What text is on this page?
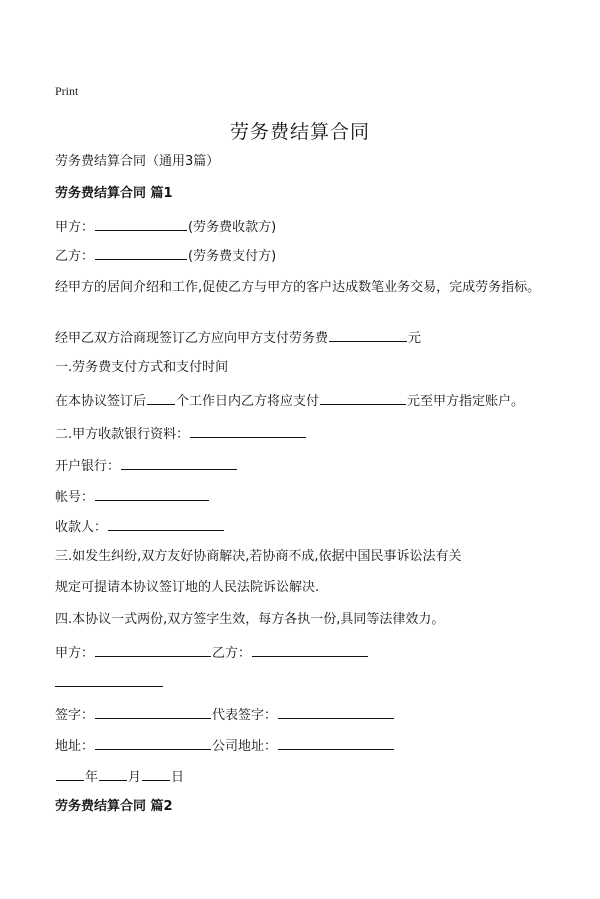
Print
劳务费结算合同
劳务费结算合同（通用3篇）
劳务费结算合同 篇1
甲方：	(劳务费收款方)
乙方：	(劳务费支付方)
经甲方的居间介绍和工作,促使乙方与甲方的客户达成数笔业务交易，完成劳务指标。
经甲乙双方洽商现签订乙方应向甲方支付劳务费	元
一.劳务费支付方式和支付时间
在本协议签订后 个工作日内乙方将应支付	元至甲方指定账户。
二.甲方收款银行资料：
开户银行：
帐号：
收款人：
三.如发生纠纷,双方友好协商解决,若协商不成,依据中国民事诉讼法有关
规定可提请本协议签订地的人民法院诉讼解决.
四.本协议一式两份,双方签字生效，每方各执一份,具同等法律效力。
甲方：	乙方：
签字：	代表签字：
地址：	公司地址：
年 月 日
劳务费结算合同 篇2
